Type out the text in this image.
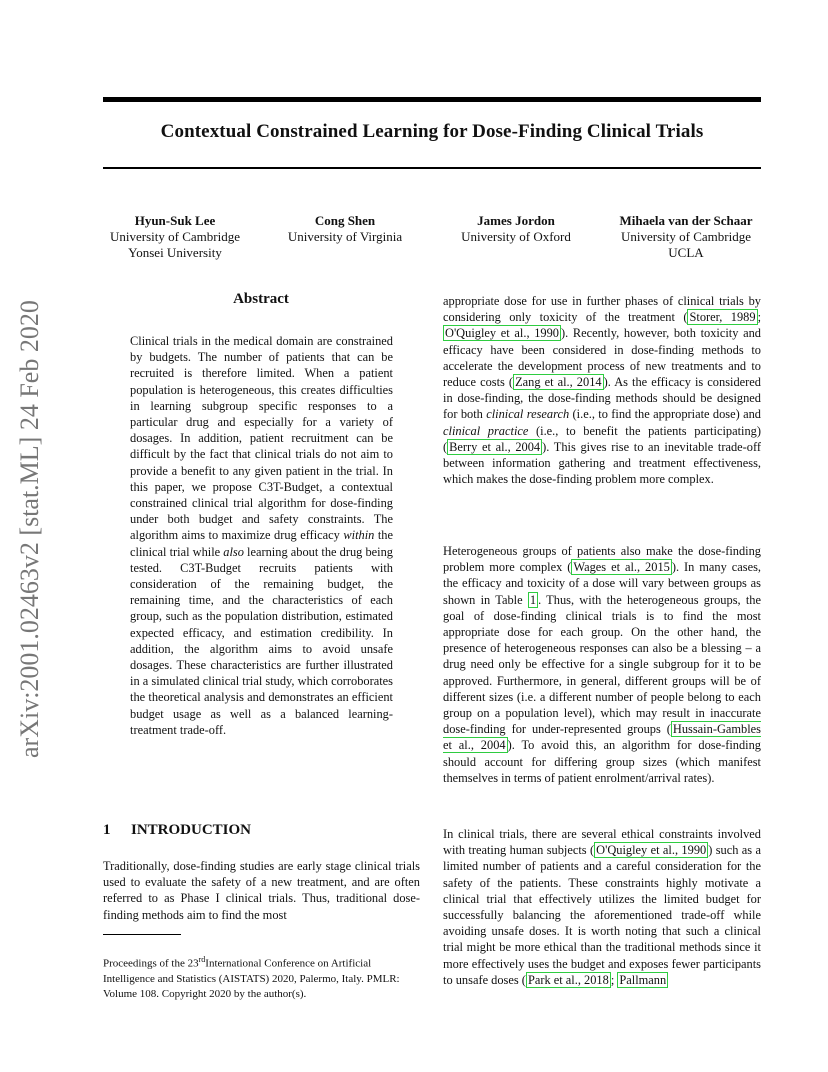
arXiv:2001.02463v2 [stat.ML] 24 Feb 2020
Contextual Constrained Learning for Dose-Finding Clinical Trials
Hyun-Suk Lee
University of Cambridge
Yonsei University
Cong Shen
University of Virginia
James Jordon
University of Oxford
Mihaela van der Schaar
University of Cambridge
UCLA
Abstract

Clinical trials in the medical domain are constrained by budgets. The number of patients that can be recruited is therefore limited. When a patient population is heterogeneous, this creates difficulties in learning subgroup specific responses to a particular drug and especially for a variety of dosages. In addition, patient recruitment can be difficult by the fact that clinical trials do not aim to provide a benefit to any given patient in the trial. In this paper, we propose C3T-Budget, a contextual constrained clinical trial algorithm for dose-finding under both budget and safety constraints. The algorithm aims to maximize drug efficacy within the clinical trial while also learning about the drug being tested. C3T-Budget recruits patients with consideration of the remaining budget, the remaining time, and the characteristics of each group, such as the population distribution, estimated expected efficacy, and estimation credibility. In addition, the algorithm aims to avoid unsafe dosages. These characteristics are further illustrated in a simulated clinical trial study, which corroborates the theoretical analysis and demonstrates an efficient budget usage as well as a balanced learning-treatment trade-off.

1 INTRODUCTION

Traditionally, dose-finding studies are early stage clinical trials used to evaluate the safety of a new treatment, and are often referred to as Phase I clinical trials. Thus, traditional dose-finding methods aim to find the most

Proceedings of the 23rdInternational Conference on Artificial Intelligence and Statistics (AISTATS) 2020, Palermo, Italy. PMLR: Volume 108. Copyright 2020 by the author(s).

appropriate dose for use in further phases of clinical trials by considering only toxicity of the treatment ( Storer, 1989 ; O'Quigley et al., 1990 ). Recently, however, both toxicity and efficacy have been considered in dose-finding methods to accelerate the development process of new treatments and to reduce costs ( Zang et al., 2014 ). As the efficacy is considered in dose-finding, the dose-finding methods should be designed for both clinical research (i.e., to find the appropriate dose) and clinical practice (i.e., to benefit the patients participating) ( Berry et al., 2004 ). This gives rise to an inevitable trade-off between information gathering and treatment effectiveness, which makes the dose-finding problem more complex.

Heterogeneous groups of patients also make the dose-finding problem more complex ( Wages et al., 2015 ). In many cases, the efficacy and toxicity of a dose will vary between groups as shown in Table 1 . Thus, with the heterogeneous groups, the goal of dose-finding clinical trials is to find the most appropriate dose for each group. On the other hand, the presence of heterogeneous responses can also be a blessing – a drug need only be effective for a single subgroup for it to be approved. Furthermore, in general, different groups will be of different sizes (i.e. a different number of people belong to each group on a population level), which may result in inaccurate dose-finding for under-represented groups ( Hussain-Gambles et al., 2004 ). To avoid this, an algorithm for dose-finding should account for differing group sizes (which manifest themselves in terms of patient enrolment/arrival rates).

In clinical trials, there are several ethical constraints involved with treating human subjects ( O'Quigley et al., 1990 ) such as a limited number of patients and a careful consideration for the safety of the patients. These constraints highly motivate a clinical trial that effectively utilizes the limited budget for successfully balancing the aforementioned trade-off while avoiding unsafe doses. It is worth noting that such a clinical trial might be more ethical than the traditional methods since it more effectively uses the budget and exposes fewer participants to unsafe doses ( Park et al., 2018 ; Pallmann
